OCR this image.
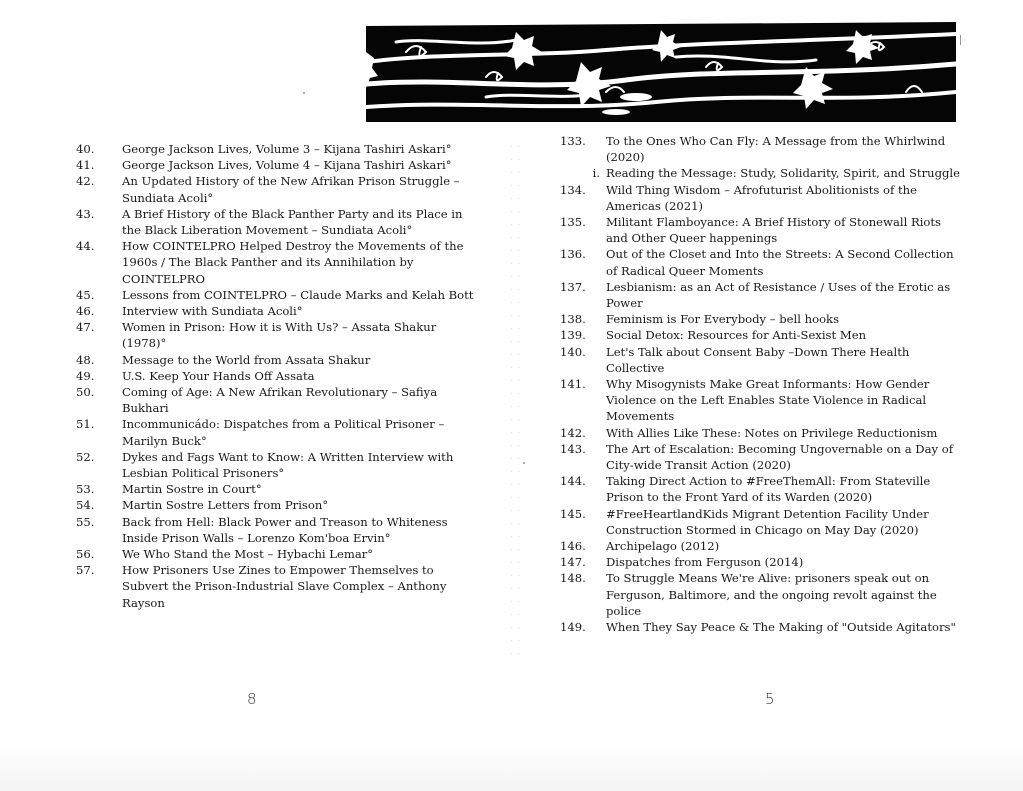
40.	George Jackson Lives, Volume 3 – Kijana Tashiri Askari°
41.	George Jackson Lives, Volume 4 – Kijana Tashiri Askari°
42.	An Updated History of the New Afrikan Prison Struggle – Sundiata Acoli°
43.	A Brief History of the Black Panther Party and its Place in the Black Liberation Movement – Sundiata Acoli°
44.	How COINTELPRO Helped Destroy the Movements of the 1960s / The Black Panther and its Annihilation by COINTELPRO
45.	Lessons from COINTELPRO – Claude Marks and Kelah Bott
46.	Interview with Sundiata Acoli°
47.	Women in Prison: How it is With Us? – Assata Shakur (1978)°
48.	Message to the World from Assata Shakur
49.	U.S. Keep Your Hands Off Assata
50.	Coming of Age: A New Afrikan Revolutionary – Safiya Bukhari
51.	Incommunicádo: Dispatches from a Political Prisoner – Marilyn Buck°
52.	Dykes and Fags Want to Know: A Written Interview with Lesbian Political Prisoners°
53.	Martin Sostre in Court°
54.	Martin Sostre Letters from Prison°
55.	Back from Hell: Black Power and Treason to Whiteness Inside Prison Walls – Lorenzo Kom'boa Ervin°
56.	We Who Stand the Most – Hybachi Lemar°
57.	How Prisoners Use Zines to Empower Themselves to Subvert the Prison-Industrial Slave Complex – Anthony Rayson
133.	To the Ones Who Can Fly: A Message from the Whirlwind (2020)
i. Reading the Message: Study, Solidarity, Spirit, and Struggle
134.	Wild Thing Wisdom – Afrofuturist Abolitionists of the Americas (2021)
135.	Militant Flamboyance: A Brief History of Stonewall Riots and Other Queer happenings
136.	Out of the Closet and Into the Streets: A Second Collection of Radical Queer Moments
137.	Lesbianism: as an Act of Resistance / Uses of the Erotic as Power
138.	Feminism is For Everybody – bell hooks
139.	Social Detox: Resources for Anti-Sexist Men
140.	Let's Talk about Consent Baby –Down There Health Collective
141.	Why Misogynists Make Great Informants: How Gender Violence on the Left Enables State Violence in Radical Movements
142.	With Allies Like These: Notes on Privilege Reductionism
143.	The Art of Escalation: Becoming Ungovernable on a Day of City-wide Transit Action (2020)
144.	Taking Direct Action to #FreeThemAll: From Stateville Prison to the Front Yard of its Warden (2020)
145.	#FreeHeartlandKids Migrant Detention Facility Under Construction Stormed in Chicago on May Day (2020)
146.	Archipelago (2012)
147.	Dispatches from Ferguson (2014)
148.	To Struggle Means We're Alive: prisoners speak out on Ferguson, Baltimore, and the ongoing revolt against the police
149.	When They Say Peace & The Making of "Outside Agitators"
8	5
